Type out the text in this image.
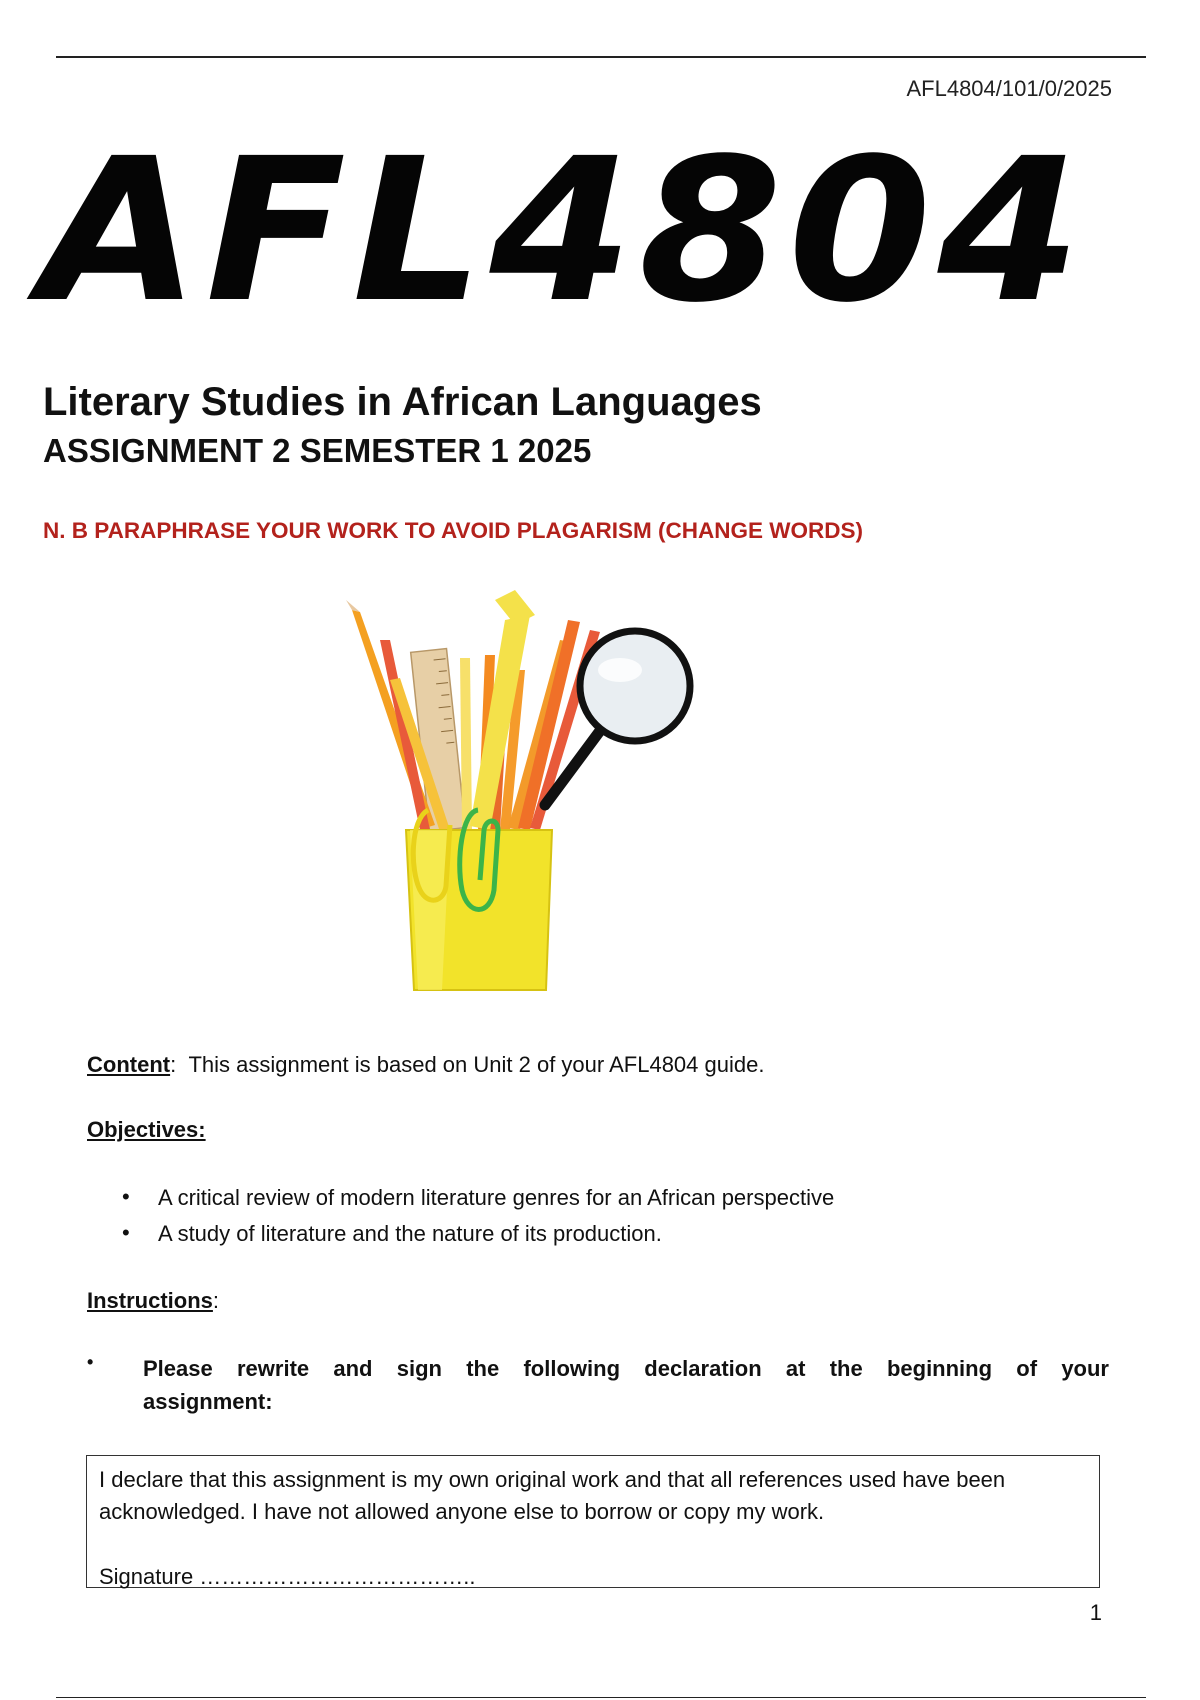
AFL4804/101/0/2025
AFL4804
Literary Studies in African Languages
ASSIGNMENT 2 SEMESTER 1 2025
N. B PARAPHRASE YOUR WORK TO AVOID PLAGARISM (CHANGE WORDS)
Content: This assignment is based on Unit 2 of your AFL4804 guide.
Objectives:
• A critical review of modern literature genres for an African perspective
• A study of literature and the nature of its production.
Instructions:
• Please rewrite and sign the following declaration at the beginning of your assignment:
I declare that this assignment is my own original work and that all references used have been acknowledged. I have not allowed anyone else to borrow or copy my work.
Signature ………………………………..
1
